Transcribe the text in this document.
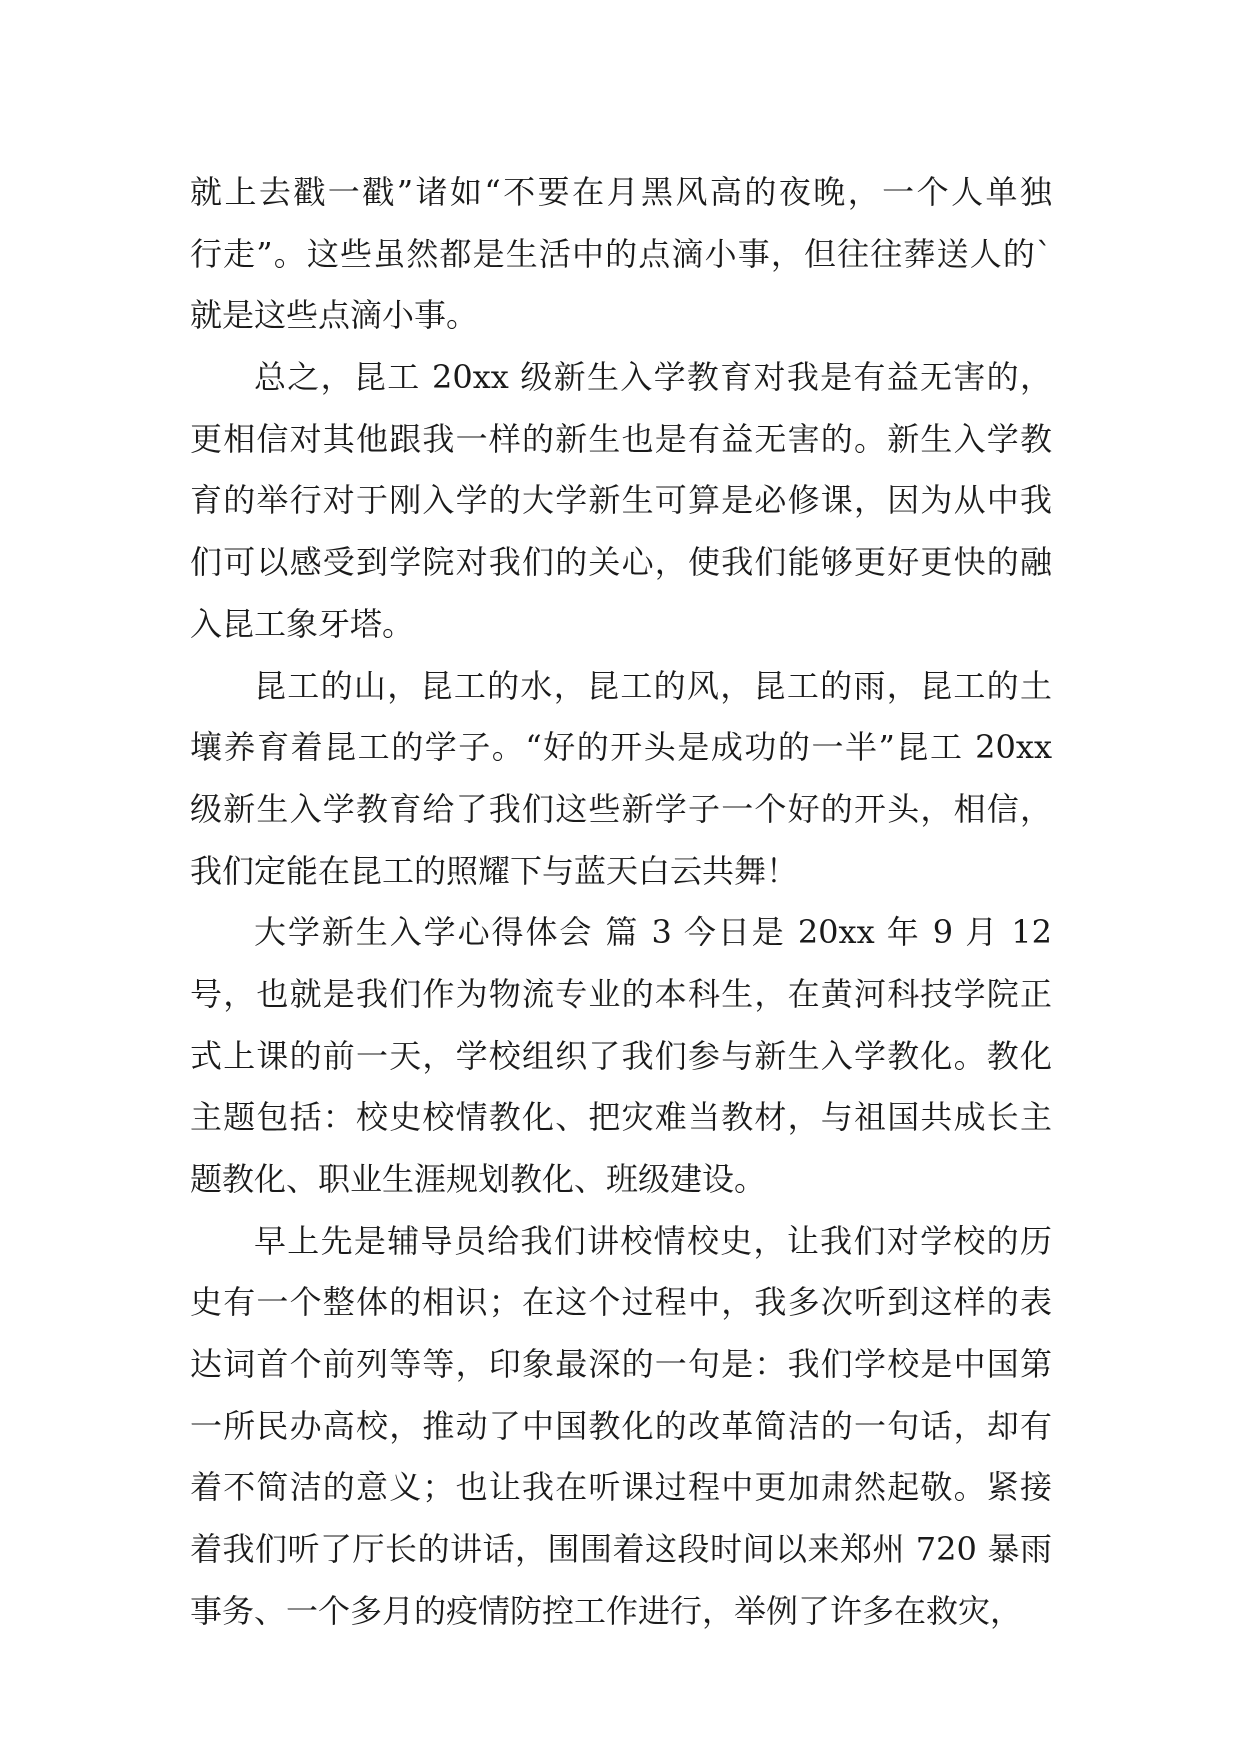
就上去戳一戳”诸如“不要在月黑风高的夜晚，一个人单独
行走”。这些虽然都是生活中的点滴小事，但往往葬送人的`
就是这些点滴小事。
总之，昆工 20xx 级新生入学教育对我是有益无害的，
更相信对其他跟我一样的新生也是有益无害的。新生入学教
育的举行对于刚入学的大学新生可算是必修课，因为从中我
们可以感受到学院对我们的关心，使我们能够更好更快的融
入昆工象牙塔。
昆工的山，昆工的水，昆工的风，昆工的雨，昆工的土
壤养育着昆工的学子。“好的开头是成功的一半”昆工 20xx
级新生入学教育给了我们这些新学子一个好的开头，相信，
我们定能在昆工的照耀下与蓝天白云共舞！
大学新生入学心得体会 篇 3 今日是 20xx 年 9 月 12
号，也就是我们作为物流专业的本科生，在黄河科技学院正
式上课的前一天，学校组织了我们参与新生入学教化。教化
主题包括：校史校情教化、把灾难当教材，与祖国共成长主
题教化、职业生涯规划教化、班级建设。
早上先是辅导员给我们讲校情校史，让我们对学校的历
史有一个整体的相识；在这个过程中，我多次听到这样的表
达词首个前列等等，印象最深的一句是：我们学校是中国第
一所民办高校，推动了中国教化的改革简洁的一句话，却有
着不简洁的意义；也让我在听课过程中更加肃然起敬。紧接
着我们听了厅长的讲话，围围着这段时间以来郑州 720 暴雨
事务、一个多月的疫情防控工作进行，举例了许多在救灾，
